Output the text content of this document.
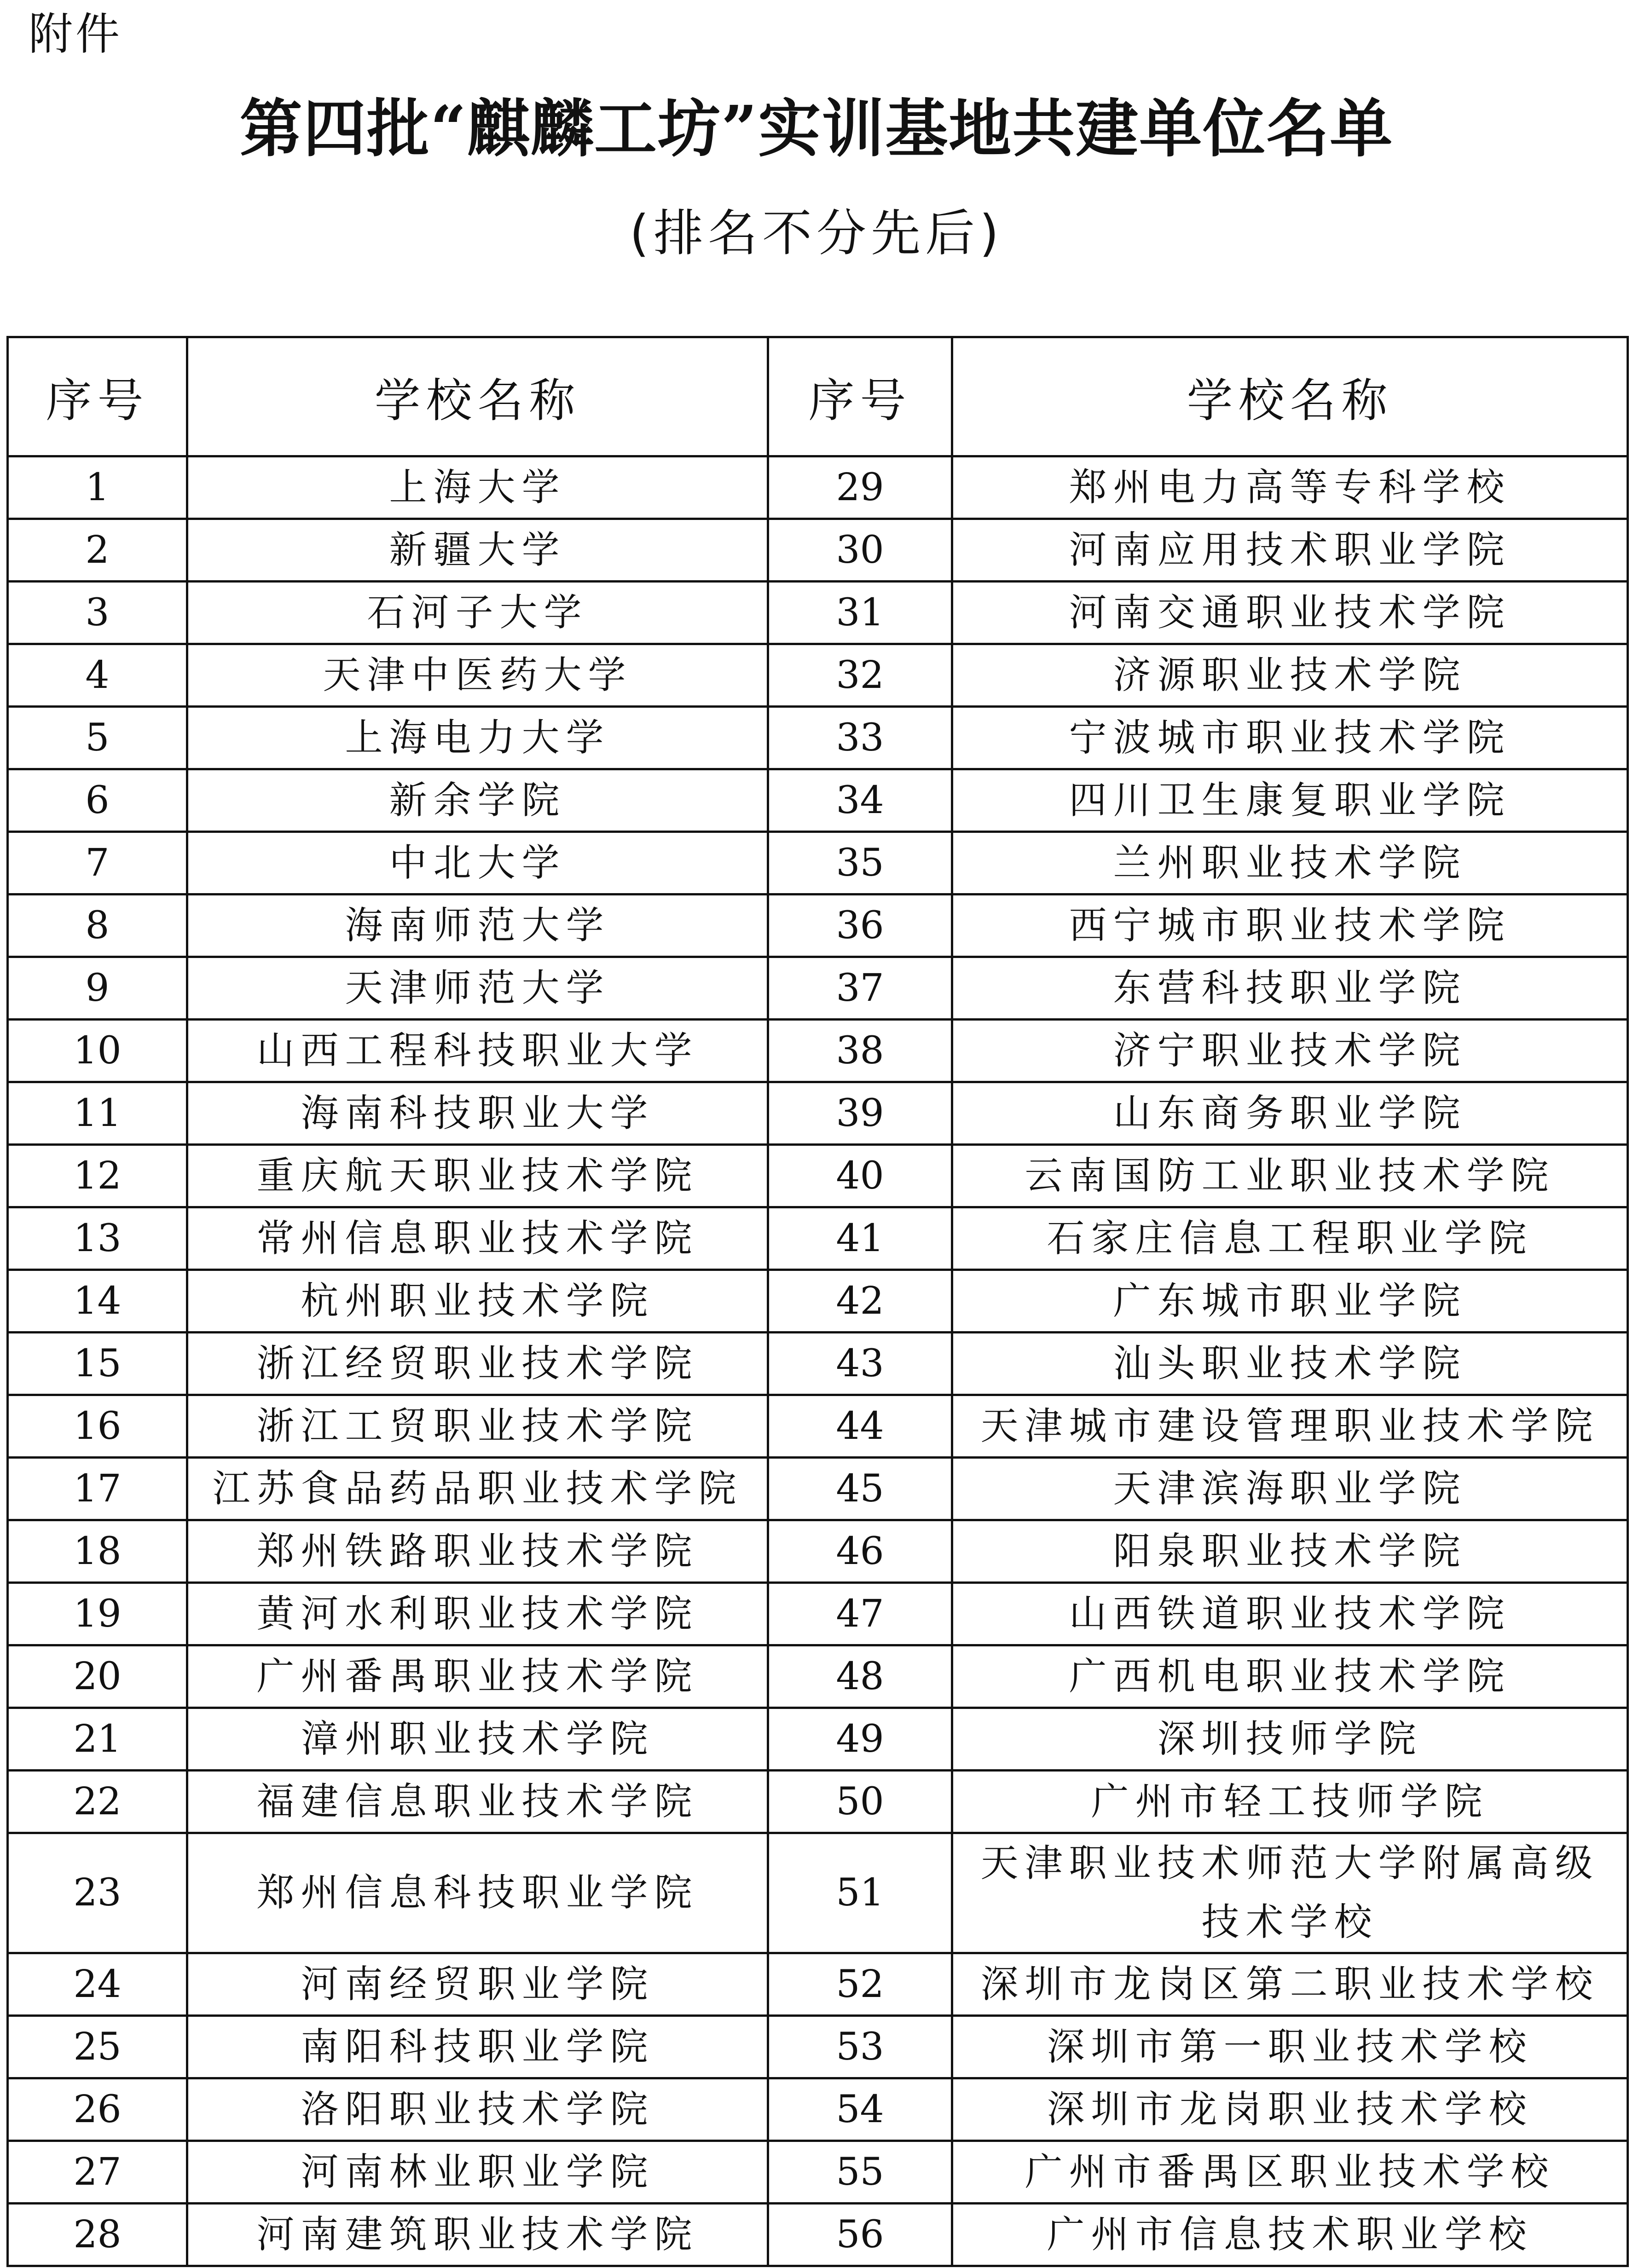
附件
第四批“麒麟工坊”实训基地共建单位名单
(排名不分先后)
序号	学校名称	序号	学校名称
1	上海大学	29	郑州电力高等专科学校
2	新疆大学	30	河南应用技术职业学院
3	石河子大学	31	河南交通职业技术学院
4	天津中医药大学	32	济源职业技术学院
5	上海电力大学	33	宁波城市职业技术学院
6	新余学院	34	四川卫生康复职业学院
7	中北大学	35	兰州职业技术学院
8	海南师范大学	36	西宁城市职业技术学院
9	天津师范大学	37	东营科技职业学院
10	山西工程科技职业大学	38	济宁职业技术学院
11	海南科技职业大学	39	山东商务职业学院
12	重庆航天职业技术学院	40	云南国防工业职业技术学院
13	常州信息职业技术学院	41	石家庄信息工程职业学院
14	杭州职业技术学院	42	广东城市职业学院
15	浙江经贸职业技术学院	43	汕头职业技术学院
16	浙江工贸职业技术学院	44	天津城市建设管理职业技术学院
17	江苏食品药品职业技术学院	45	天津滨海职业学院
18	郑州铁路职业技术学院	46	阳泉职业技术学院
19	黄河水利职业技术学院	47	山西铁道职业技术学院
20	广州番禺职业技术学院	48	广西机电职业技术学院
21	漳州职业技术学院	49	深圳技师学院
22	福建信息职业技术学院	50	广州市轻工技师学院
23	郑州信息科技职业学院	51	天津职业技术师范大学附属高级技术学校
24	河南经贸职业学院	52	深圳市龙岗区第二职业技术学校
25	南阳科技职业学院	53	深圳市第一职业技术学校
26	洛阳职业技术学院	54	深圳市龙岗职业技术学校
27	河南林业职业学院	55	广州市番禺区职业技术学校
28	河南建筑职业技术学院	56	广州市信息技术职业学校
